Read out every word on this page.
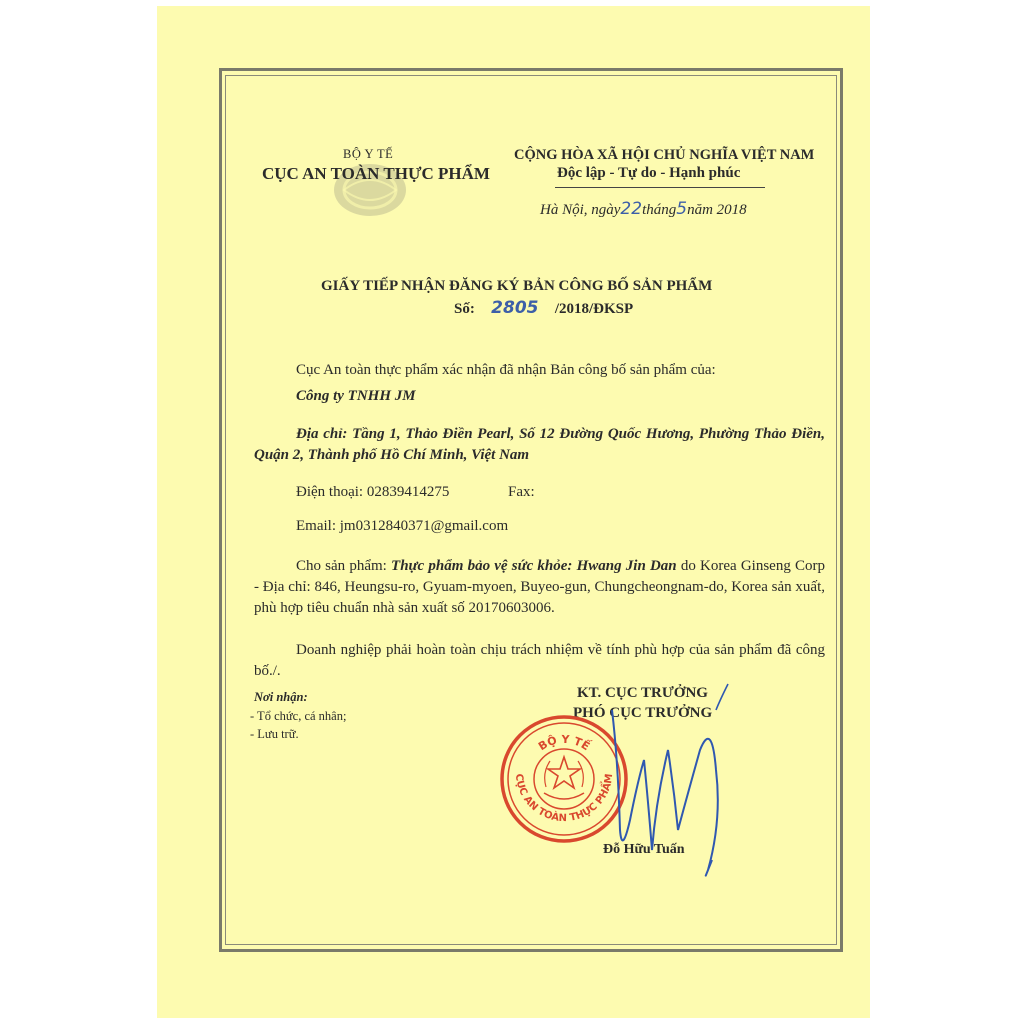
BỘ Y TẾ
CỤC AN TOÀN THỰC PHẨM
CỘNG HÒA XÃ HỘI CHỦ NGHĨA VIỆT NAM
Độc lập - Tự do - Hạnh phúc
Hà Nội, ngày22tháng5năm 2018
GIẤY TIẾP NHẬN ĐĂNG KÝ BẢN CÔNG BỐ SẢN PHẨM
Số: 2805 /2018/ĐKSP
Cục An toàn thực phẩm xác nhận đã nhận Bản công bố sản phẩm của:
Công ty TNHH JM
Địa chỉ: Tầng 1, Thảo Điền Pearl, Số 12 Đường Quốc Hương, Phường Thảo Điền, Quận 2, Thành phố Hồ Chí Minh, Việt Nam
Điện thoại: 02839414275	Fax:
Email: jm0312840371@gmail.com
Cho sản phẩm: Thực phẩm bảo vệ sức khỏe: Hwang Jin Dan do Korea Ginseng Corp - Địa chỉ: 846, Heungsu-ro, Gyuam-myoen, Buyeo-gun, Chungcheongnam-do, Korea sản xuất, phù hợp tiêu chuẩn nhà sản xuất số 20170603006.
Doanh nghiệp phải hoàn toàn chịu trách nhiệm về tính phù hợp của sản phẩm đã công bố./.
Nơi nhận:
- Tổ chức, cá nhân;
- Lưu trữ.
KT. CỤC TRƯỞNG
PHÓ CỤC TRƯỞNG
BỘ Y TẾ
CỤC AN TOÀN THỰC PHẨM
Đỗ Hữu Tuấn
